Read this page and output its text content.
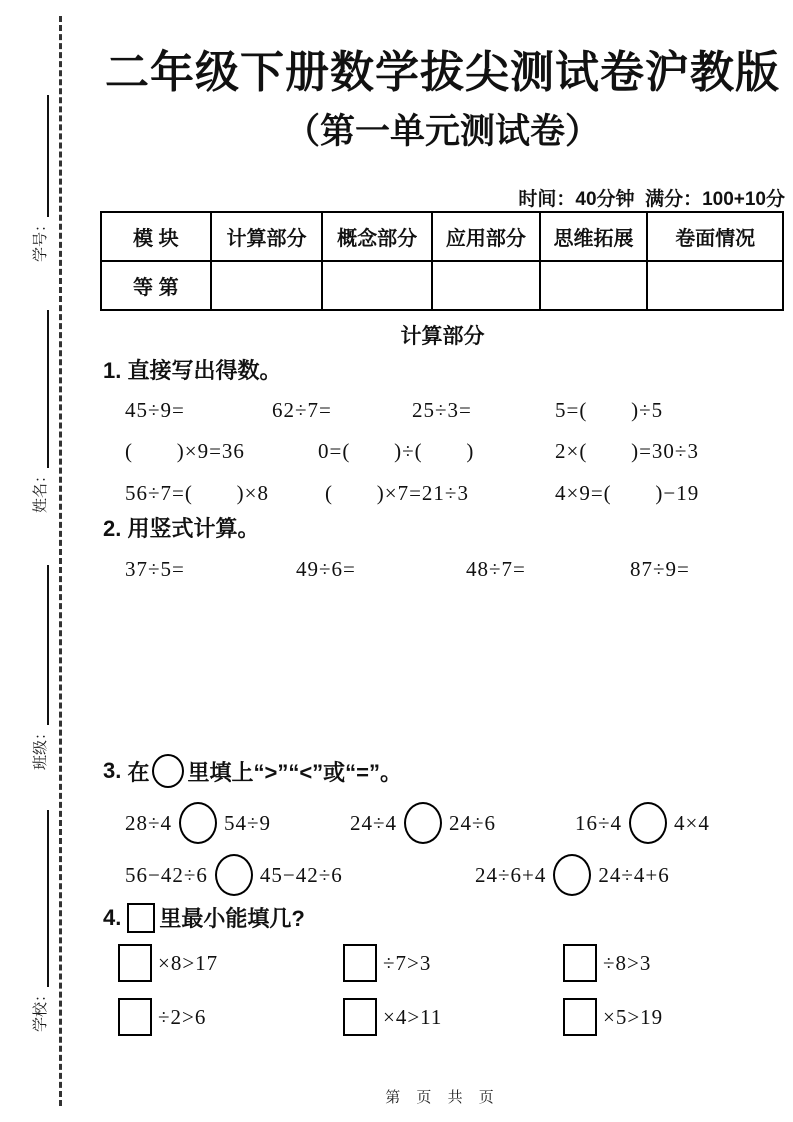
学号：
姓名：
班级：
学校：
二年级下册数学拔尖测试卷沪教版
（第一单元测试卷）
时间：40分钟  满分：100+10分
模 块	计算部分	概念部分	应用部分	思维拓展	卷面情况
等 第					
计算部分
1. 直接写出得数。
45÷9=	62÷7=	25÷3=	5=(       )÷5
(       )×9=36	0=(       )÷(       )	2×(       )=30÷3
56÷7=(       )×8	(       )×7=21÷3	4×9=(       )−19
2. 用竖式计算。
37÷5=	49÷6=	48÷7=	87÷9=
3. 在 里填上“>”“<”或“=”。
28÷4 54÷9	24÷4 24÷6	16÷4 4×4
56−42÷6 45−42÷6	24÷6+4 24÷4+6
4. 里最小能填几?
×8>17	÷7>3	÷8>3
÷2>6	×4>11	×5>19
第 页 共 页
